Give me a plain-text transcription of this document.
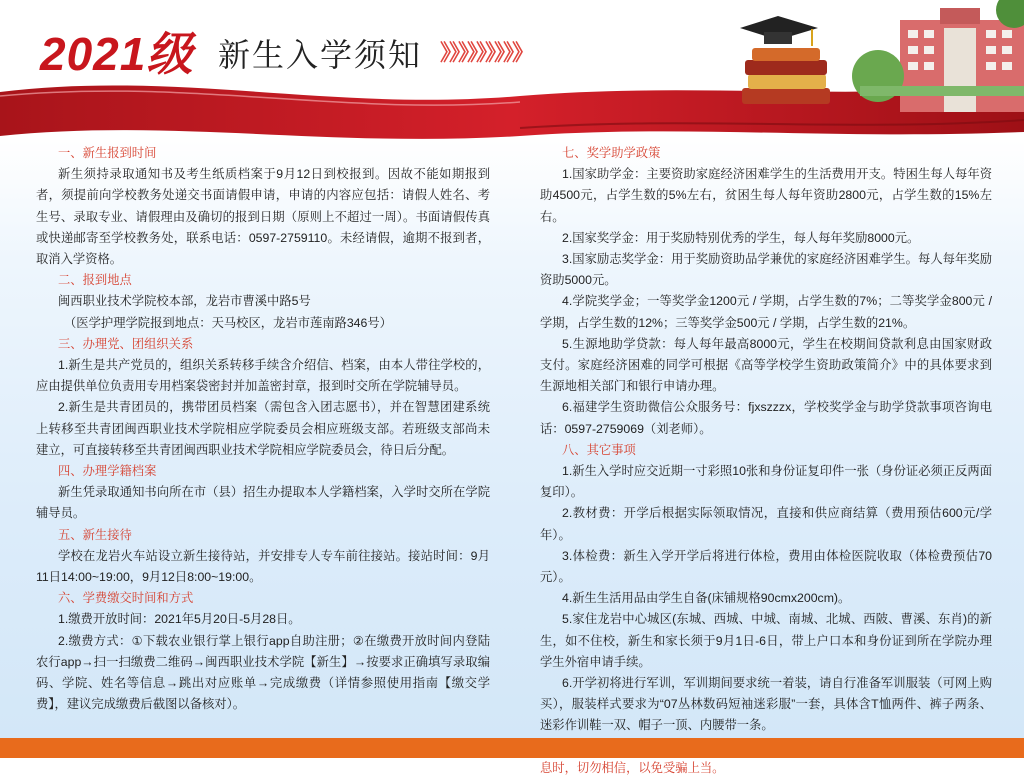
2021级 新生入学须知 》》》》》》》》》
一、新生报到时间
新生须持录取通知书及考生纸质档案于9月12日到校报到。因故不能如期报到者，须提前向学校教务处递交书面请假申请，申请的内容应包括：请假人姓名、考生号、录取专业、请假理由及确切的报到日期（原则上不超过一周）。书面请假传真或快递邮寄至学校教务处，联系电话：0597-2759110。未经请假，逾期不报到者，取消入学资格。
二、报到地点
闽西职业技术学院校本部，龙岩市曹溪中路5号
（医学护理学院报到地点：天马校区，龙岩市莲南路346号）
三、办理党、团组织关系
1.新生是共产党员的，组织关系转移手续含介绍信、档案，由本人带往学校的，应由提供单位负责用专用档案袋密封并加盖密封章，报到时交所在学院辅导员。
2.新生是共青团员的，携带团员档案（需包含入团志愿书），并在智慧团建系统上转移至共青团闽西职业技术学院相应学院委员会相应班级支部。若班级支部尚未建立，可直接转移至共青团闽西职业技术学院相应学院委员会，待日后分配。
四、办理学籍档案
新生凭录取通知书向所在市（县）招生办提取本人学籍档案，入学时交所在学院辅导员。
五、新生接待
学校在龙岩火车站设立新生接待站，并安排专人专车前往接站。接站时间：9月11日14:00~19:00，9月12日8:00~19:00。
六、学费缴交时间和方式
1.缴费开放时间：2021年5月20日-5月28日。
2.缴费方式：①下载农业银行掌上银行app自助注册；②在缴费开放时间内登陆农行app→扫一扫缴费二维码→闽西职业技术学院【新生】→按要求正确填写录取编码、学院、姓名等信息→跳出对应账单→完成缴费（详情参照使用指南【缴交学费】，建议完成缴费后截图以备核对）。
七、奖学助学政策
1.国家助学金：主要资助家庭经济困难学生的生活费用开支。特困生每人每年资助4500元，占学生数的5%左右，贫困生每人每年资助2800元，占学生数的15%左右。
2.国家奖学金：用于奖励特别优秀的学生，每人每年奖励8000元。
3.国家励志奖学金：用于奖励资助品学兼优的家庭经济困难学生。每人每年奖励资助5000元。
4.学院奖学金；一等奖学金1200元 / 学期，占学生数的7%；二等奖学金800元 / 学期，占学生数的12%；三等奖学金500元 / 学期，占学生数的21%。
5.生源地助学贷款：每人每年最高8000元，学生在校期间贷款利息由国家财政支付。家庭经济困难的同学可根据《高等学校学生资助政策简介》中的具体要求到生源地相关部门和银行申请办理。
6.福建学生资助微信公众服务号：fjxszzzx，学校奖学金与助学贷款事项咨询电话：0597-2759069（刘老师）。
八、其它事项
1.新生入学时应交近期一寸彩照10张和身份证复印件一张（身份证必须正反两面复印）。
2.教材费：开学后根据实际领取情况，直接和供应商结算（费用预估600元/学年）。
3.体检费：新生入学开学后将进行体检，费用由体检医院收取（体检费预估70元）。
4.新生生活用品由学生自备(床铺规格90cmx200cm)。
5.家住龙岩中心城区(东城、西城、中城、南城、北城、西陂、曹溪、东肖)的新生，如不住校，新生和家长须于9月1日-6日，带上户口本和身份证到所在学院办理学生外宿申请手续。
6.开学初将进行军训，军训期间要求统一着装，请自行准备军训服装（可网上购买），服装样式要求为“07丛林数码短袖迷彩服”一套，具体含T恤两件、裤子两条、迷彩作训鞋一双、帽子一顶、内腰带一条。
息时，切勿相信，以免受骗上当。
